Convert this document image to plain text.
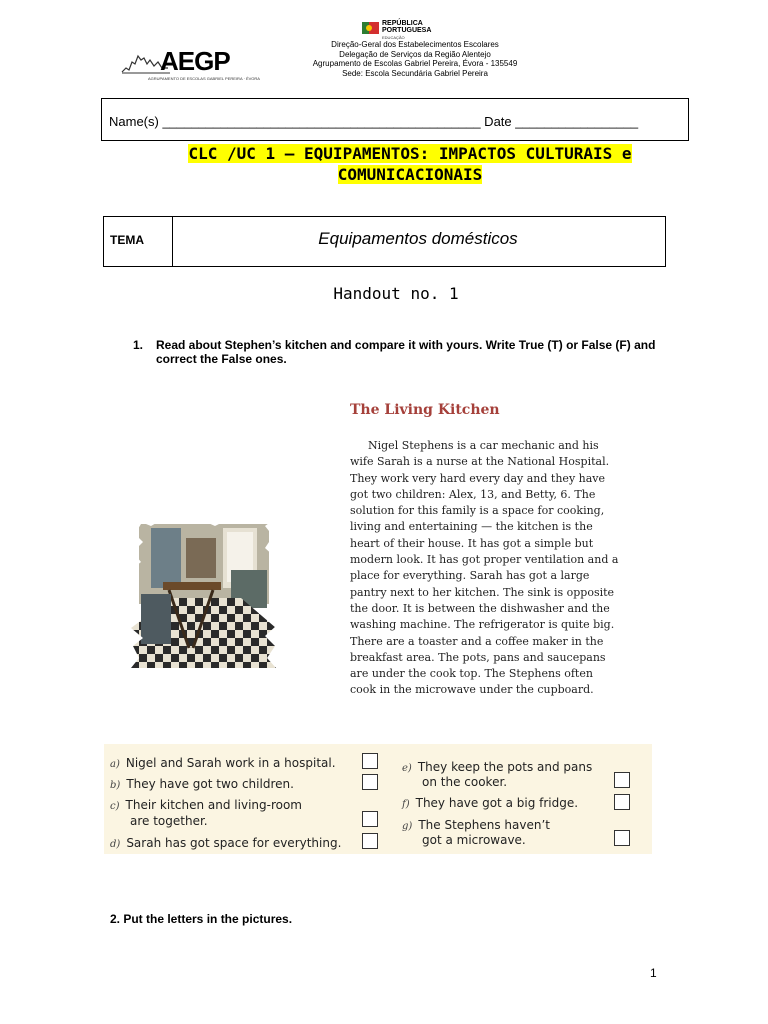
AEGP
AGRUPAMENTO DE ESCOLAS GABRIEL PEREIRA · ÉVORA
REPÚBLICA
PORTUGUESA
EDUCAÇÃO
Direção-Geral dos Estabelecimentos Escolares
Delegação de Serviços da Região Alentejo
Agrupamento de Escolas Gabriel Pereira, Évora - 135549
Sede: Escola Secundária Gabriel Pereira
Name(s) ____________________________________________ Date _________________
CLC /UC 1 – EQUIPAMENTOS: IMPACTOS CULTURAIS e
COMUNICACIONAIS
TEMA	Equipamentos domésticos
Handout no. 1
1. Read about Stephen’s kitchen and compare it with yours. Write True (T) or False (F) and correct the False ones.
The Living Kitchen
Nigel Stephens is a car mechanic and his wife Sarah is a nurse at the National Hospital. They work very hard every day and they have got two children: Alex, 13, and Betty, 6. The solution for this family is a space for cooking, living and entertaining — the kitchen is the heart of their house. It has got a simple but modern look. It has got proper ventilation and a place for everything. Sarah has got a large pantry next to her kitchen. The sink is opposite the door. It is between the dishwasher and the washing machine. The refrigerator is quite big. There are a toaster and a coffee maker in the breakfast area. The pots, pans and saucepans are under the cook top. The Stephens often cook in the microwave under the cupboard.
a) Nigel and Sarah work in a hospital.
b) They have got two children.
c) Their kitchen and living-room
are together.
d) Sarah has got space for everything.
e) They keep the pots and pans
on the cooker.
f) They have got a big fridge.
g) The Stephens haven’t
got a microwave.
2. Put the letters in the pictures.
1
